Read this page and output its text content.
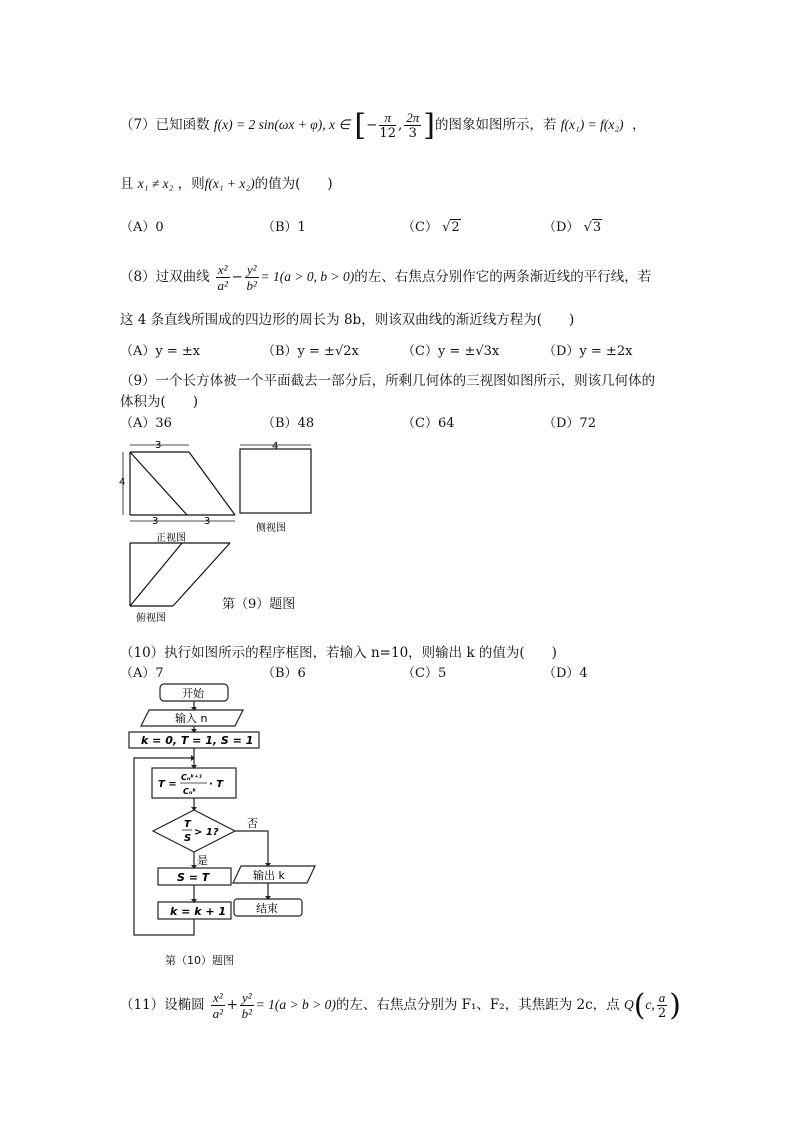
（7）已知函数 f(x) = 2 sin(ωx + φ), x ∈ [− $\frac{\pi}{12}$ , $\frac{2\pi}{3}$ ]的图象如图所示，若 f(x₁) = f(x₂)  ，
且 x₁ ≠ x₂ ，则f(x₁ + x₂)的值为(　　)
（A）0	（B）1	（C） √2	（D） √3
（8）过双曲线 $\frac{\text{x²}}{\text{a²}} - \frac{\text{y²}}{\text{b²}} = 1(a > 0$, b > 0)的左、右焦点分别作它的两条渐近线的平行线，若
这 4 条直线所围成的四边形的周长为 8b，则该双曲线的渐近线方程为(　　)
（A）y = ±x	（B）y = ±√2x	（C）y = ±√3x	（D）y = ±2x
（9）一个长方体被一个平面截去一部分后，所剩几何体的三视图如图所示，则该几何体的
体积为(　　)
（A）36	（B）48	（C）64	（D）72
3
4
3	3
正视图
4
侧视图
俯视图
第（9）题图
（10）执行如图所示的程序框图，若输入 n=10，则输出 k 的值为(　　)
（A）7	（B）6	（C）5	（D）4
开始
输入 n
k = 0, T = 1, S = 1
T =
Cₙᵏ⁺¹
Cₙᵏ
· T
T
S
> 1?
否
是
S = T
k = k + 1
输出 k
结束
第（10）题图
（11）设椭圆 $\frac{\text{x²}}{\text{a²}} + \frac{\text{y²}}{\text{b²}} = 1(a > b > 0)$的左、右焦点分别为 F₁、F₂，其焦距为 2c，点 Q(c, $\frac{a}{2}$ )
